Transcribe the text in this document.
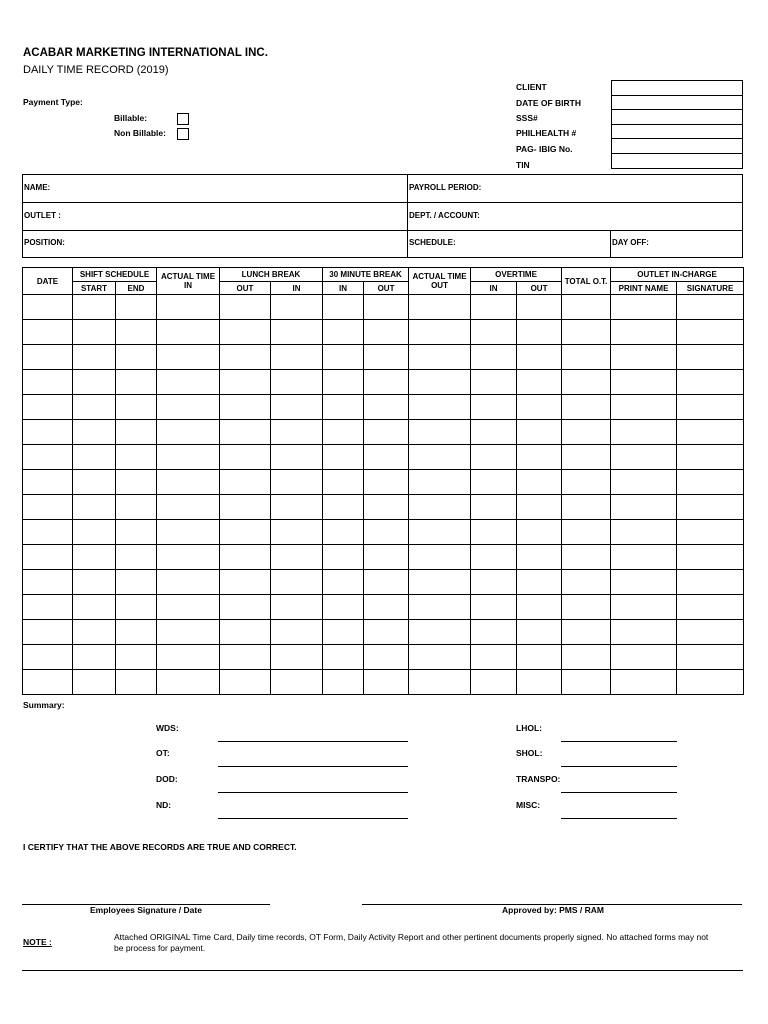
ACABAR MARKETING INTERNATIONAL INC.
DAILY TIME RECORD (2019)
Payment Type:
Billable:
Non Billable:
CLIENT
DATE OF BIRTH
SSS#
PHILHEALTH #
PAG- IBIG No.
TIN

NAME:	PAYROLL PERIOD:
OUTLET :	DEPT. / ACCOUNT:
POSITION:	SCHEDULE:	DAY OFF:
DATE	SHIFT SCHEDULE		ACTUAL TIME IN	LUNCH BREAK		30 MINUTE BREAK		ACTUAL TIME OUT	OVERTIME		TOTAL O.T.	OUTLET IN-CHARGE	
	START	END		OUT	IN	IN	OUT		IN	OUT		PRINT NAME	SIGNATURE

Summary:
WDS:
OT:
DOD:
ND:
LHOL:
SHOL:
TRANSPO:
MISC:
I CERTIFY THAT THE ABOVE RECORDS ARE TRUE AND CORRECT.
Employees Signature / Date	Approved by: PMS / RAM
NOTE :	Attached ORIGINAL Time Card, Daily time records, OT Form, Daily Activity Report and other pertinent documents properly signed. No attached forms may not
be process for payment.
